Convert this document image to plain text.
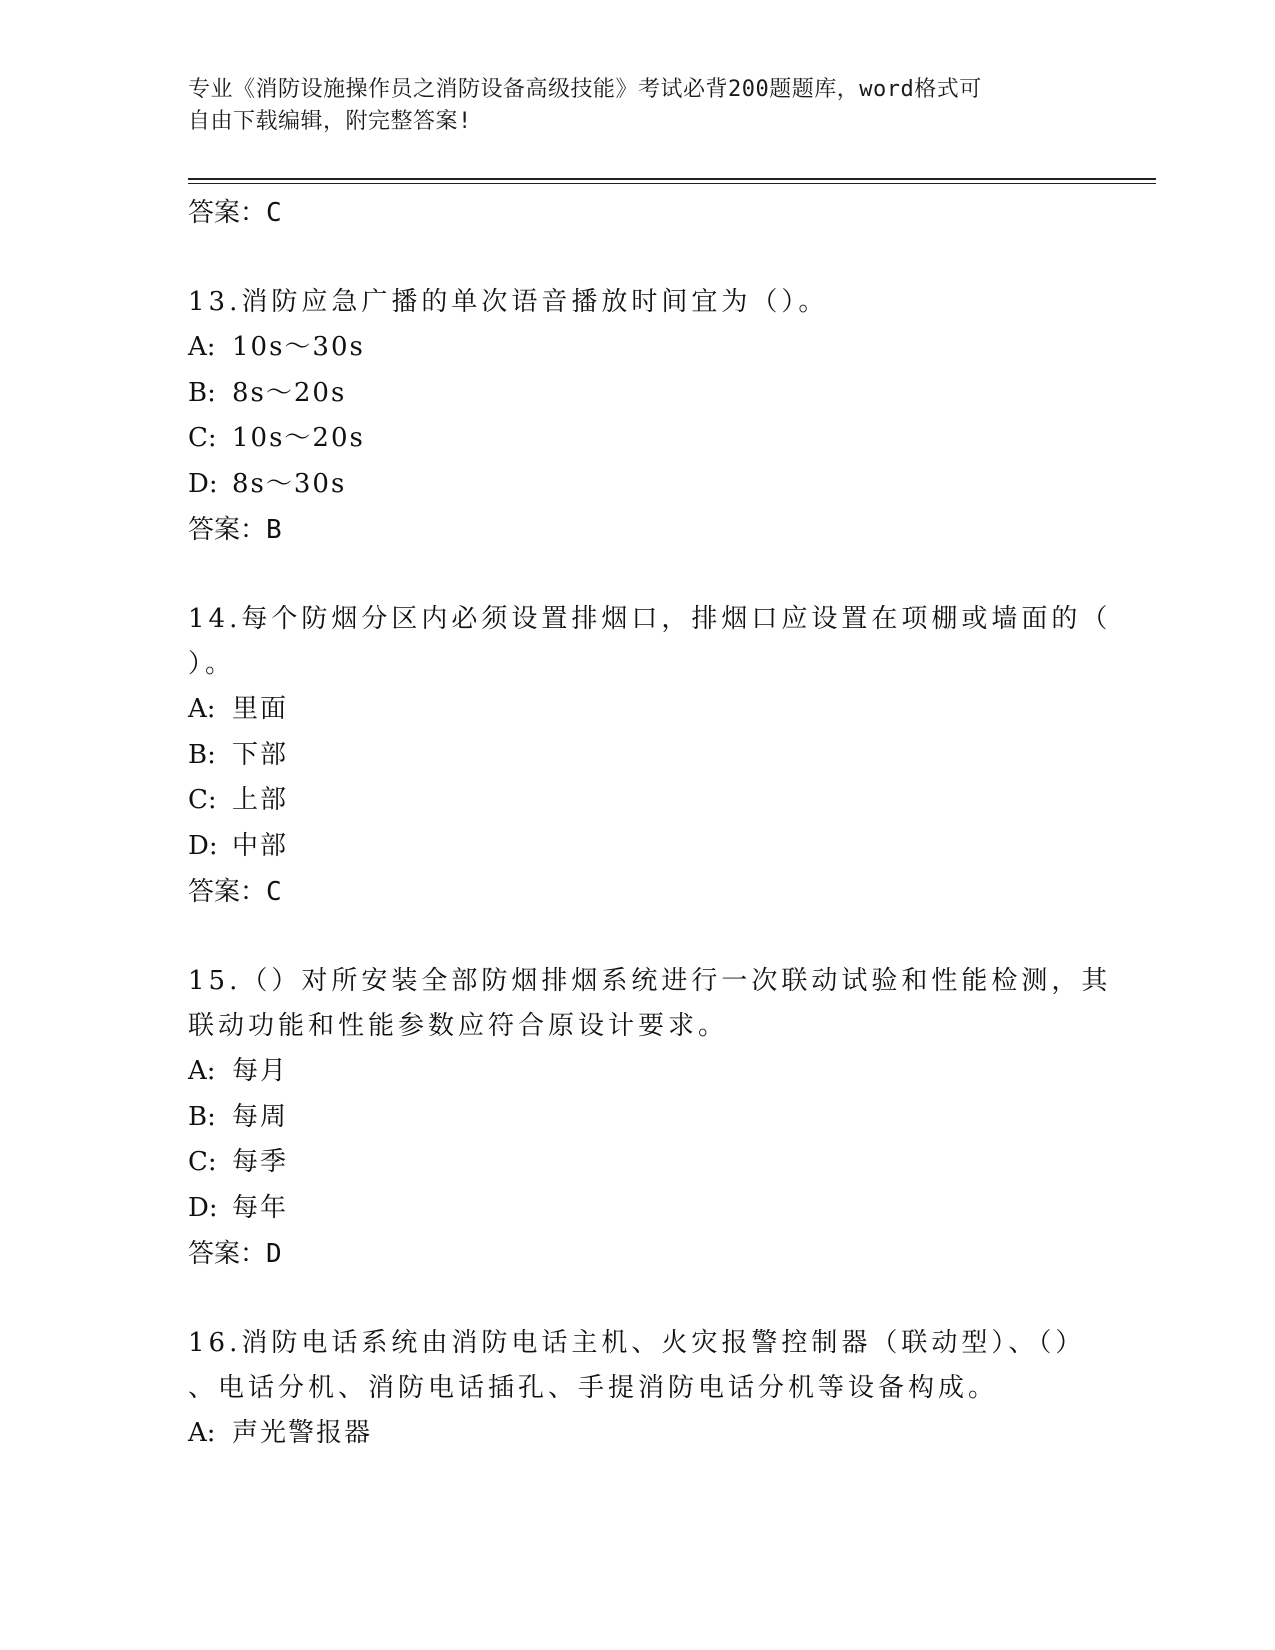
专业《消防设施操作员之消防设备高级技能》考试必背200题题库，word格式可
自由下载编辑，附完整答案!
答案：C
13.消防应急广播的单次语音播放时间宜为（）。
A: 10s～30s
B: 8s～20s
C: 10s～20s
D: 8s～30s
答案：B
14.每个防烟分区内必须设置排烟口，排烟口应设置在项棚或墙面的（
）。
A: 里面
B: 下部
C: 上部
D: 中部
答案：C
15.（）对所安装全部防烟排烟系统进行一次联动试验和性能检测，其
联动功能和性能参数应符合原设计要求。
A: 每月
B: 每周
C: 每季
D: 每年
答案：D
16.消防电话系统由消防电话主机、火灾报警控制器（联动型）、（）
、电话分机、消防电话插孔、手提消防电话分机等设备构成。
A: 声光警报器
